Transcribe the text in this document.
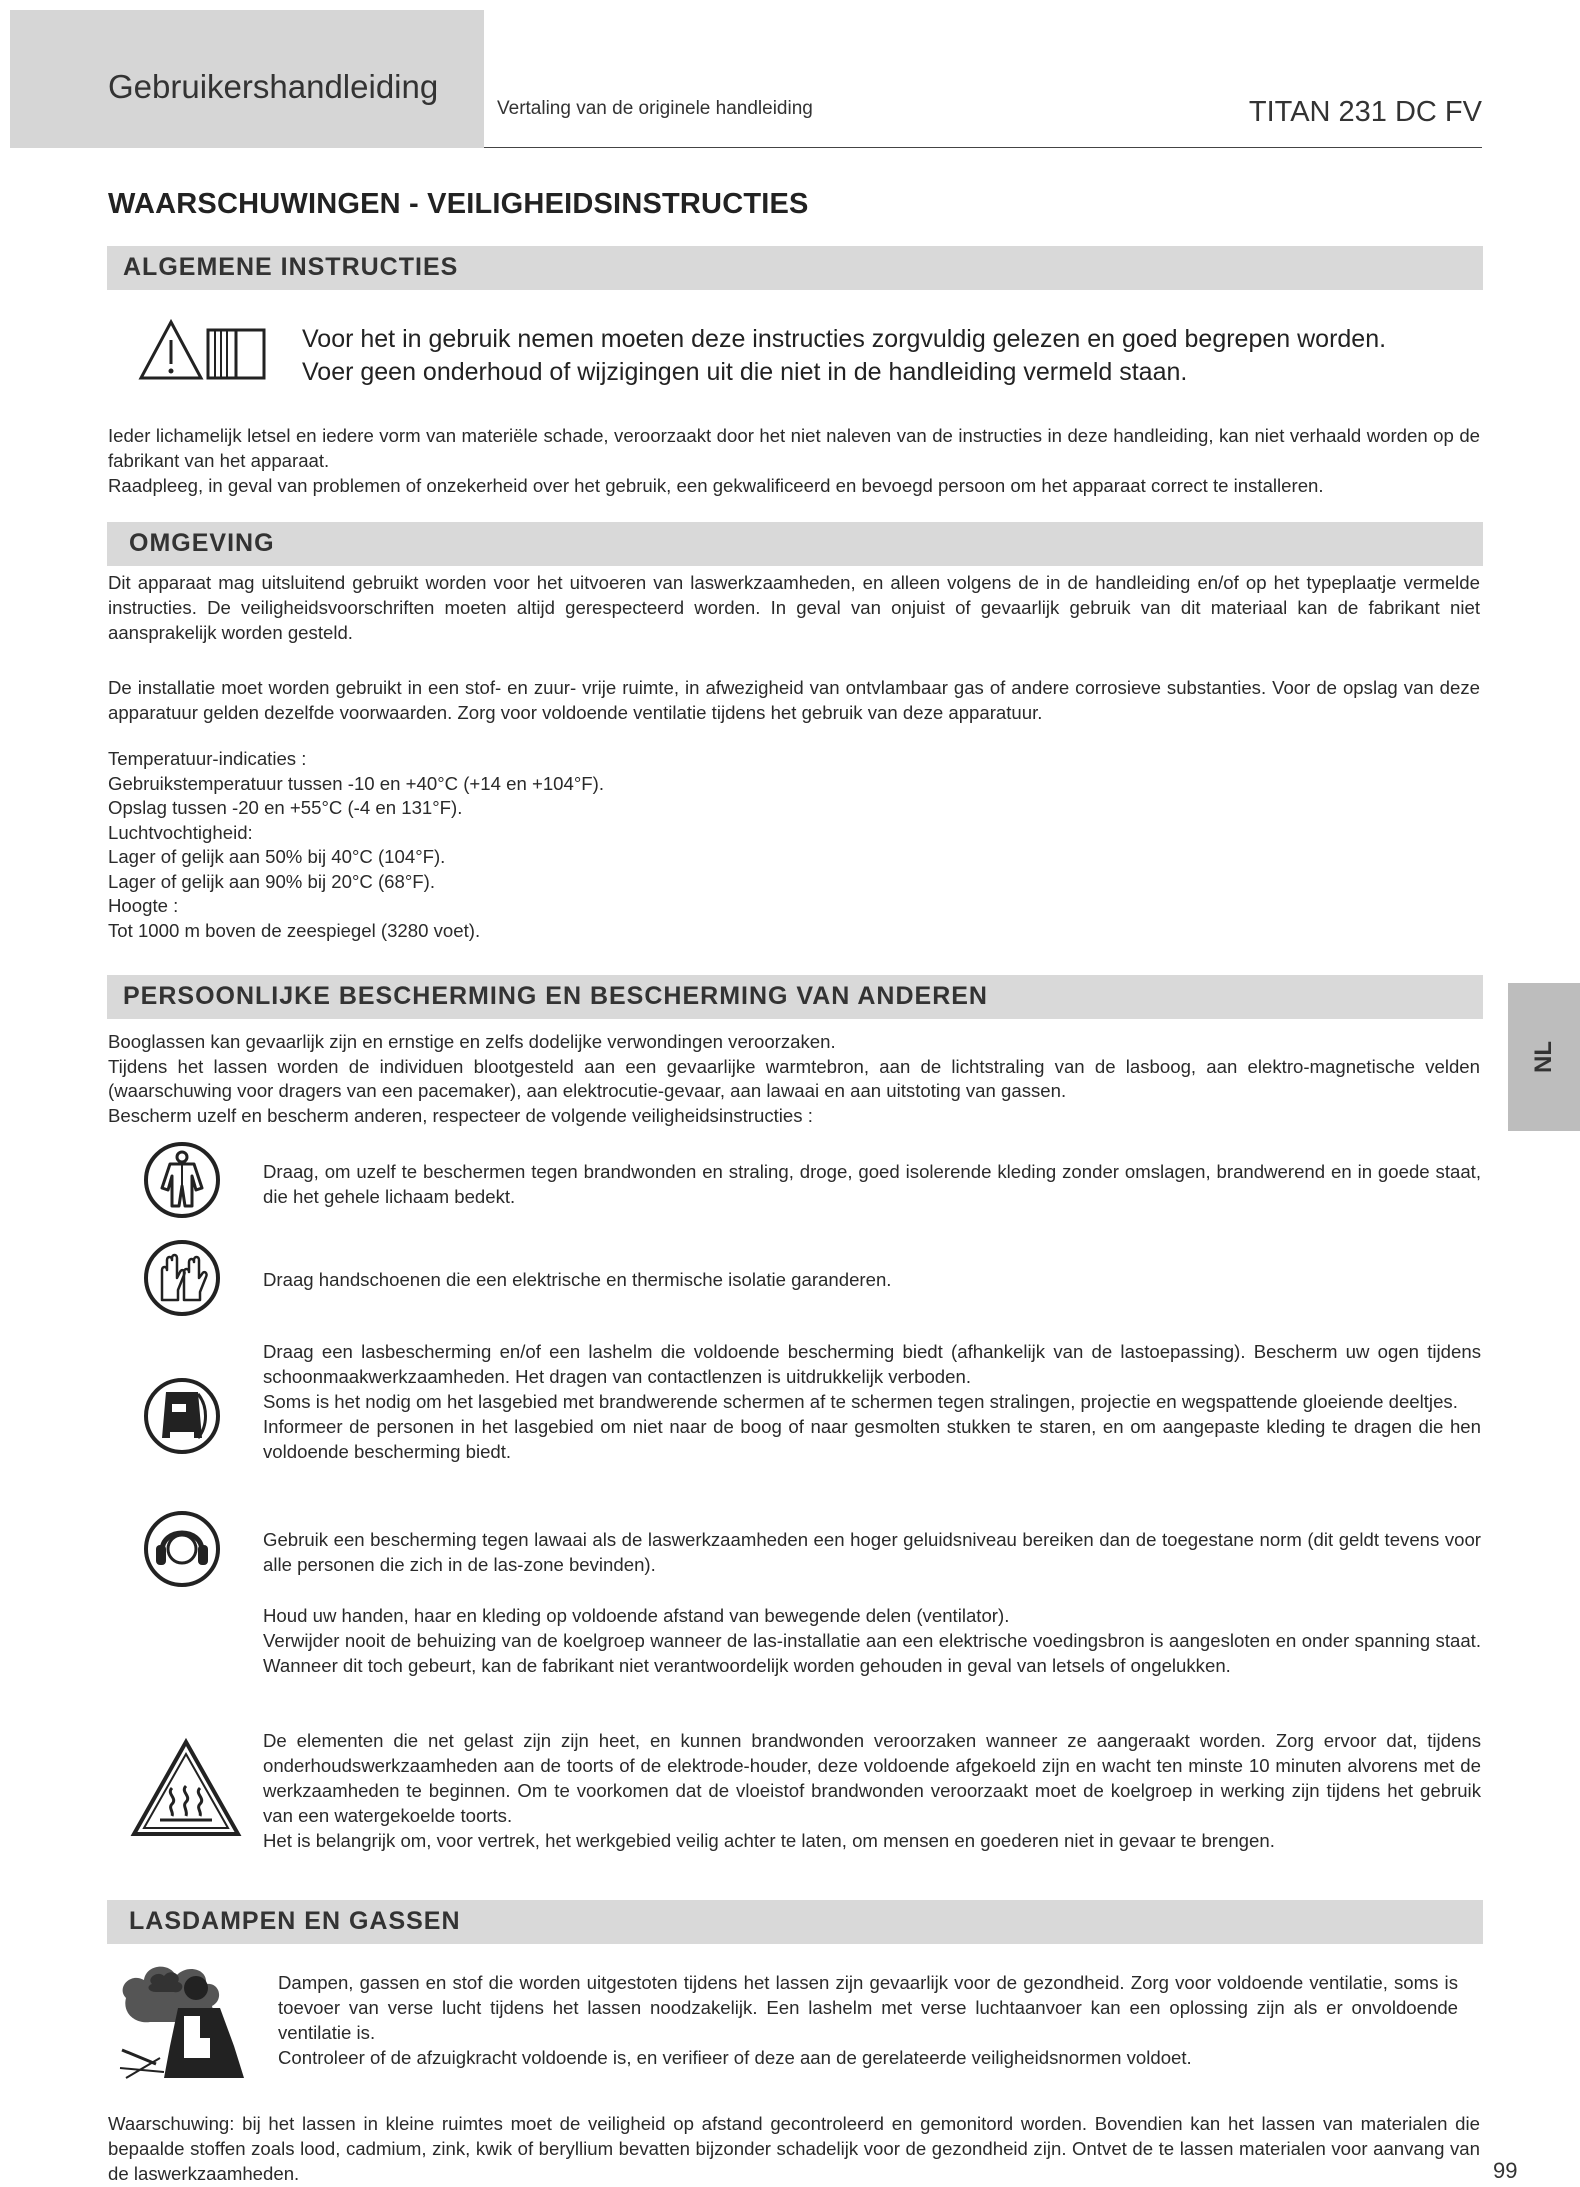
Gebruikershandleiding
Vertaling van de originele handleiding	TITAN 231 DC FV
WAARSCHUWINGEN - VEILIGHEIDSINSTRUCTIES
ALGEMENE INSTRUCTIES
Voor het in gebruik nemen moeten deze instructies zorgvuldig gelezen en goed begrepen worden.
Voer geen onderhoud of wijzigingen uit die niet in de handleiding vermeld staan.
Ieder lichamelijk letsel en iedere vorm van materiële schade, veroorzaakt door het niet naleven van de instructies in deze handleiding, kan niet verhaald worden op de fabrikant van het apparaat.
Raadpleeg, in geval van problemen of onzekerheid over het gebruik, een gekwalificeerd en bevoegd persoon om het apparaat correct te installeren.
OMGEVING
Dit apparaat mag uitsluitend gebruikt worden voor het uitvoeren van laswerkzaamheden, en alleen volgens de in de handleiding en/of op het typeplaatje vermelde instructies. De veiligheidsvoorschriften moeten altijd gerespecteerd worden. In geval van onjuist of gevaarlijk gebruik van dit materiaal kan de fabrikant niet aansprakelijk worden gesteld.
De installatie moet worden gebruikt in een stof- en zuur- vrije ruimte, in afwezigheid van ontvlambaar gas of andere corrosieve substanties. Voor de opslag van deze apparatuur gelden dezelfde voorwaarden. Zorg voor voldoende ventilatie tijdens het gebruik van deze apparatuur.
Temperatuur-indicaties :
Gebruikstemperatuur tussen -10 en +40°C (+14 en +104°F).
Opslag tussen -20 en +55°C (-4 en 131°F).
Luchtvochtigheid:
Lager of gelijk aan 50% bij 40°C (104°F).
Lager of gelijk aan 90% bij 20°C (68°F).
Hoogte :
Tot 1000 m boven de zeespiegel (3280 voet).
PERSOONLIJKE BESCHERMING EN BESCHERMING VAN ANDEREN
Booglassen kan gevaarlijk zijn en ernstige en zelfs dodelijke verwondingen veroorzaken.
Tijdens het lassen worden de individuen blootgesteld aan een gevaarlijke warmtebron, aan de lichtstraling van de lasboog, aan elektro-magnetische velden (waarschuwing voor dragers van een pacemaker), aan elektrocutie-gevaar, aan lawaai en aan uitstoting van gassen.
Bescherm uzelf en bescherm anderen, respecteer de volgende veiligheidsinstructies :
Draag, om uzelf te beschermen tegen brandwonden en straling, droge, goed isolerende kleding zonder omslagen, brandwerend en in goede staat, die het gehele lichaam bedekt.
Draag handschoenen die een elektrische en thermische isolatie garanderen.
Draag een lasbescherming en/of een lashelm die voldoende bescherming biedt (afhankelijk van de lastoepassing). Bescherm uw ogen tijdens schoonmaakwerkzaamheden. Het dragen van contactlenzen is uitdrukkelijk verboden.
Soms is het nodig om het lasgebied met brandwerende schermen af te schermen tegen stralingen, projectie en wegspattende gloeiende deeltjes.
Informeer de personen in het lasgebied om niet naar de boog of naar gesmolten stukken te staren, en om aangepaste kleding te dragen die hen voldoende bescherming biedt.
Gebruik een bescherming tegen lawaai als de laswerkzaamheden een hoger geluidsniveau bereiken dan de toegestane norm (dit geldt tevens voor alle personen die zich in de las-zone bevinden).
Houd uw handen, haar en kleding op voldoende afstand van bewegende delen (ventilator).
Verwijder nooit de behuizing van de koelgroep wanneer de las-installatie aan een elektrische voedingsbron is aangesloten en onder spanning staat. Wanneer dit toch gebeurt, kan de fabrikant niet verantwoordelijk worden gehouden in geval van letsels of ongelukken.
De elementen die net gelast zijn zijn heet, en kunnen brandwonden veroorzaken wanneer ze aangeraakt worden. Zorg ervoor dat, tijdens onderhoudswerkzaamheden aan de toorts of de elektrode-houder, deze voldoende afgekoeld zijn en wacht ten minste 10 minuten alvorens met de werkzaamheden te beginnen. Om te voorkomen dat de vloeistof brandwonden veroorzaakt moet de koelgroep in werking zijn tijdens het gebruik van een watergekoelde toorts.
Het is belangrijk om, voor vertrek, het werkgebied veilig achter te laten, om mensen en goederen niet in gevaar te brengen.
LASDAMPEN EN GASSEN
Dampen, gassen en stof die worden uitgestoten tijdens het lassen zijn gevaarlijk voor de gezondheid. Zorg voor voldoende ventilatie, soms is toevoer van verse lucht tijdens het lassen noodzakelijk. Een lashelm met verse luchtaanvoer kan een oplossing zijn als er onvoldoende ventilatie is.
Controleer of de afzuigkracht voldoende is, en verifieer of deze aan de gerelateerde veiligheidsnormen voldoet.
Waarschuwing: bij het lassen in kleine ruimtes moet de veiligheid op afstand gecontroleerd en gemonitord worden. Bovendien kan het lassen van materialen die bepaalde stoffen zoals lood, cadmium, zink, kwik of beryllium bevatten bijzonder schadelijk voor de gezondheid zijn. Ontvet de te lassen materialen voor aanvang van de laswerkzaamheden.
NL
99
